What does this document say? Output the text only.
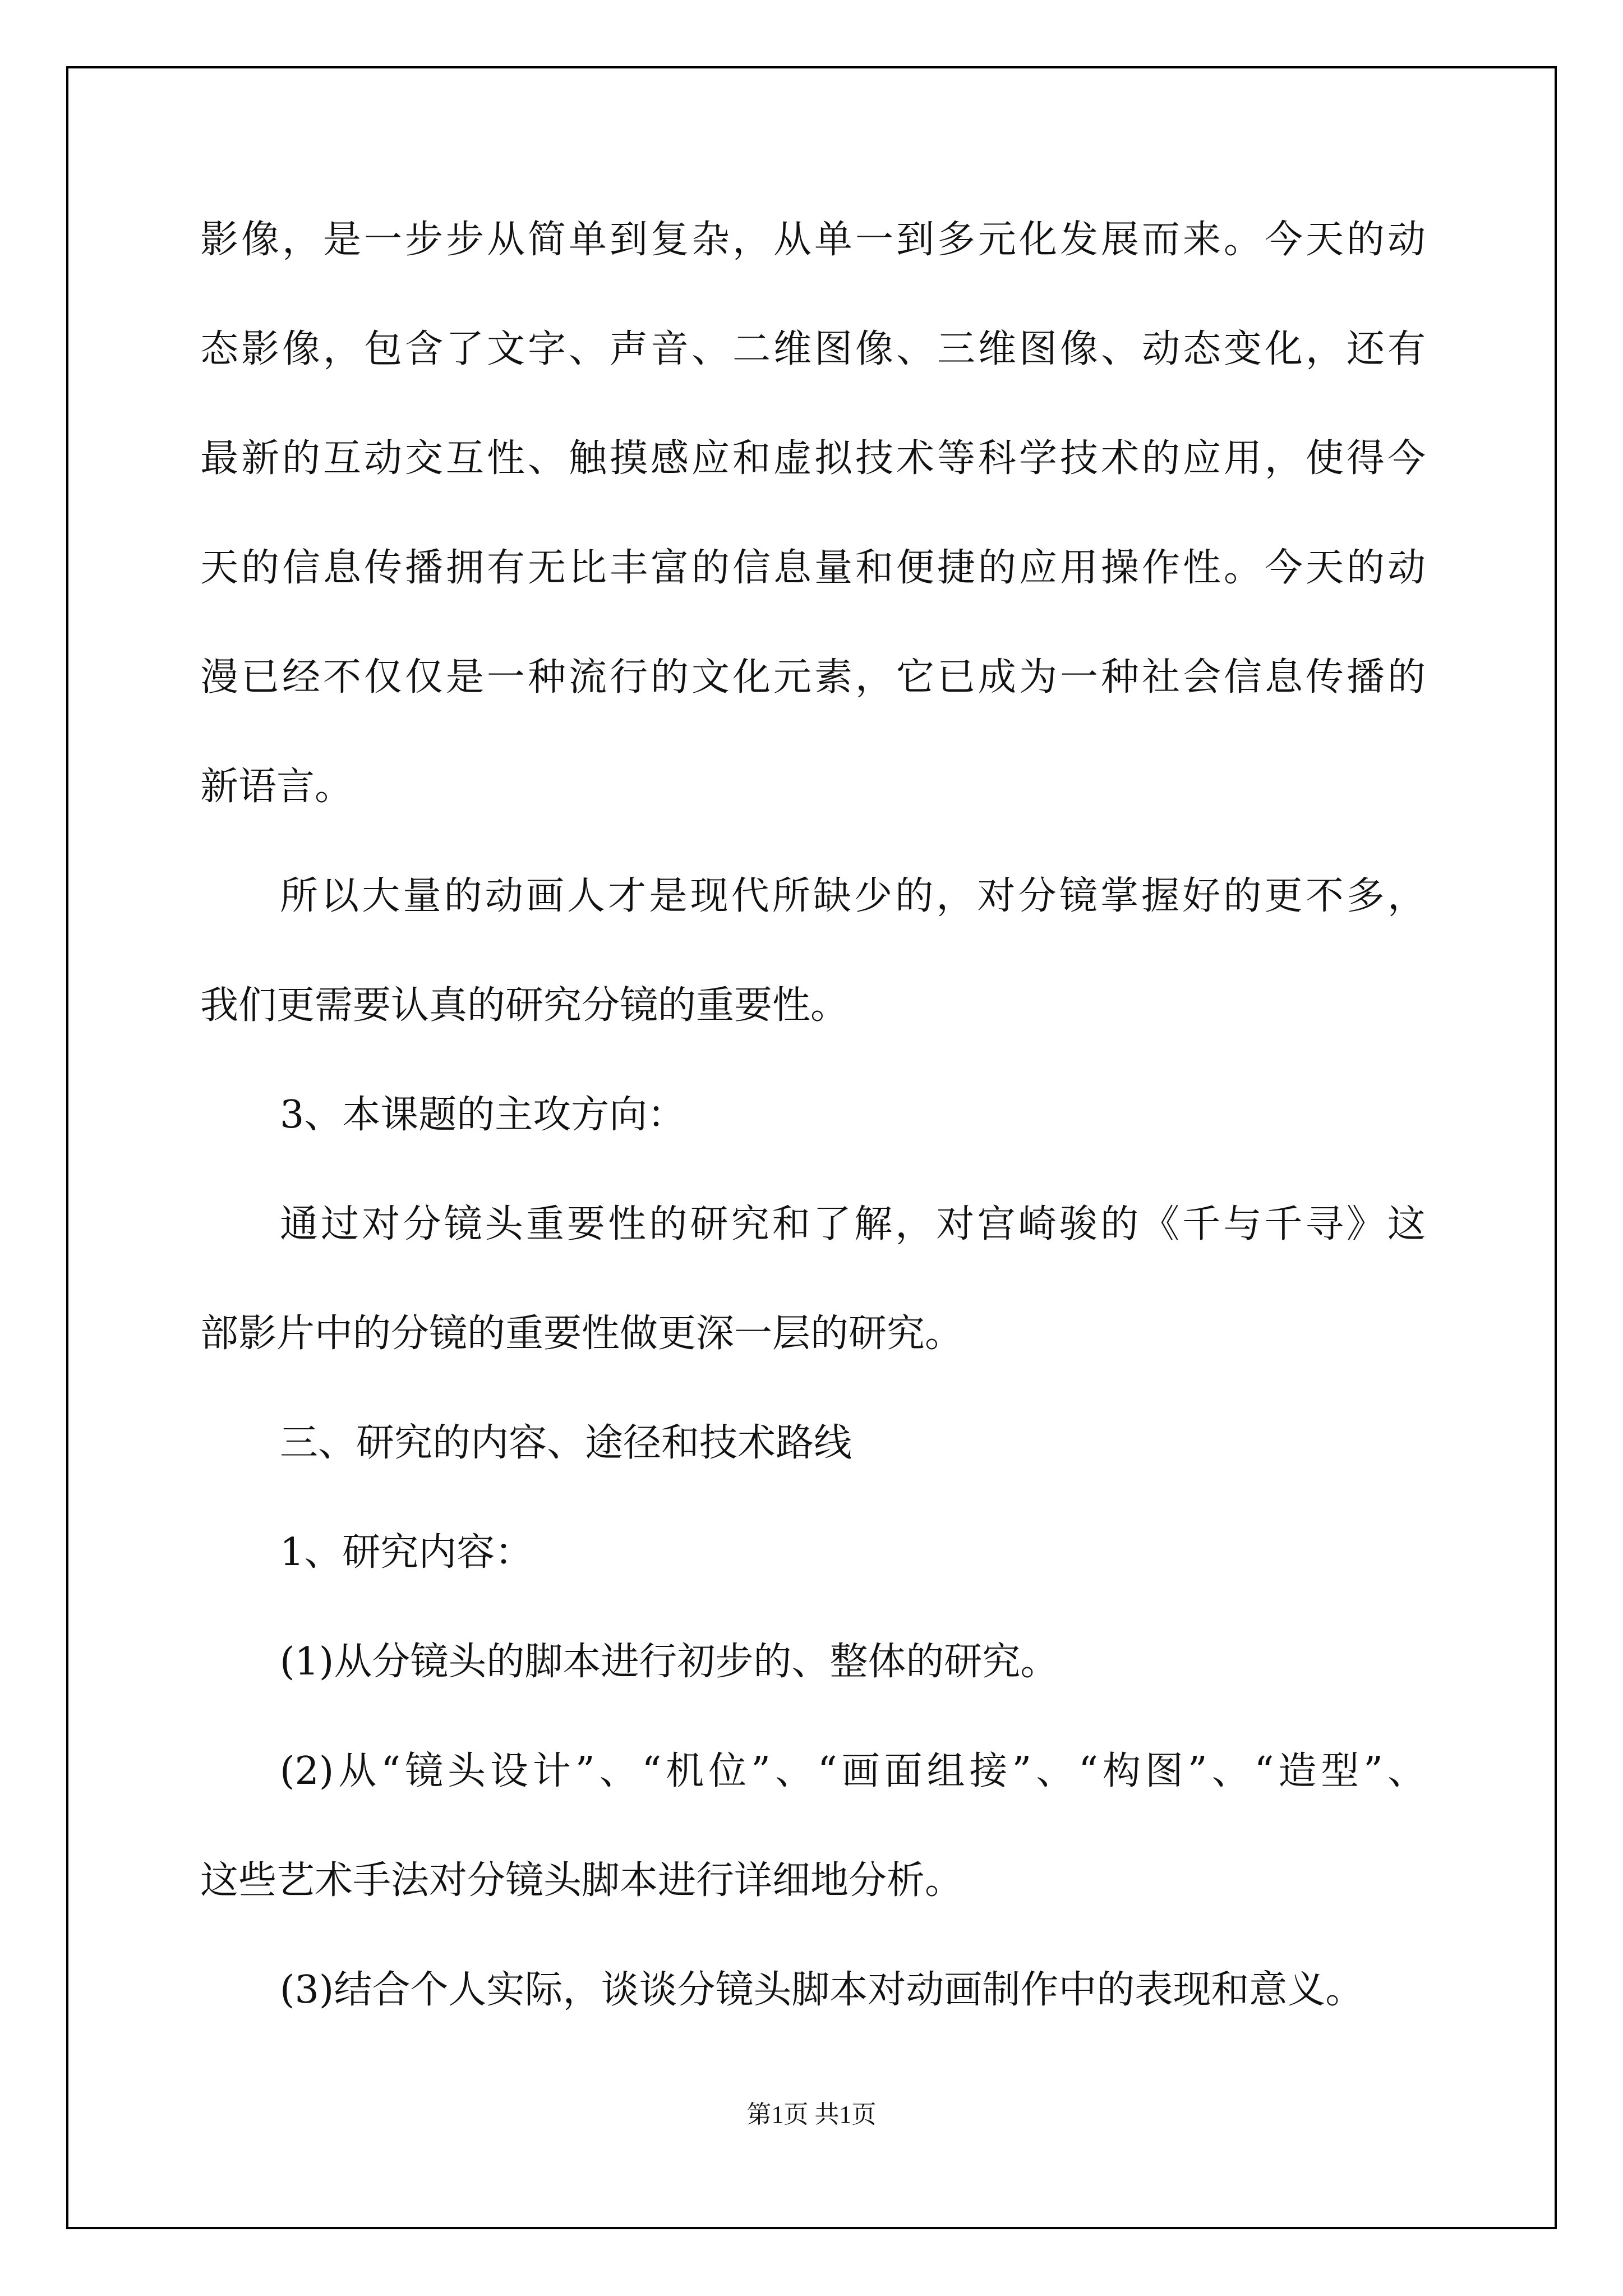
影像，是一步步从简单到复杂，从单一到多元化发展而来。今天的动
态影像，包含了文字、声音、二维图像、三维图像、动态变化，还有
最新的互动交互性、触摸感应和虚拟技术等科学技术的应用，使得今
天的信息传播拥有无比丰富的信息量和便捷的应用操作性。今天的动
漫已经不仅仅是一种流行的文化元素，它已成为一种社会信息传播的
新语言。
所以大量的动画人才是现代所缺少的，对分镜掌握好的更不多，
我们更需要认真的研究分镜的重要性。
3、本课题的主攻方向：
通过对分镜头重要性的研究和了解，对宫崎骏的《千与千寻》这
部影片中的分镜的重要性做更深一层的研究。
三、研究的内容、途径和技术路线
1、研究内容：
(1)从分镜头的脚本进行初步的、整体的研究。
(2)从“镜头设计”、“机位”、“画面组接”、“构图”、“造型”、
这些艺术手法对分镜头脚本进行详细地分析。
(3)结合个人实际，谈谈分镜头脚本对动画制作中的表现和意义。
第1页 共1页
